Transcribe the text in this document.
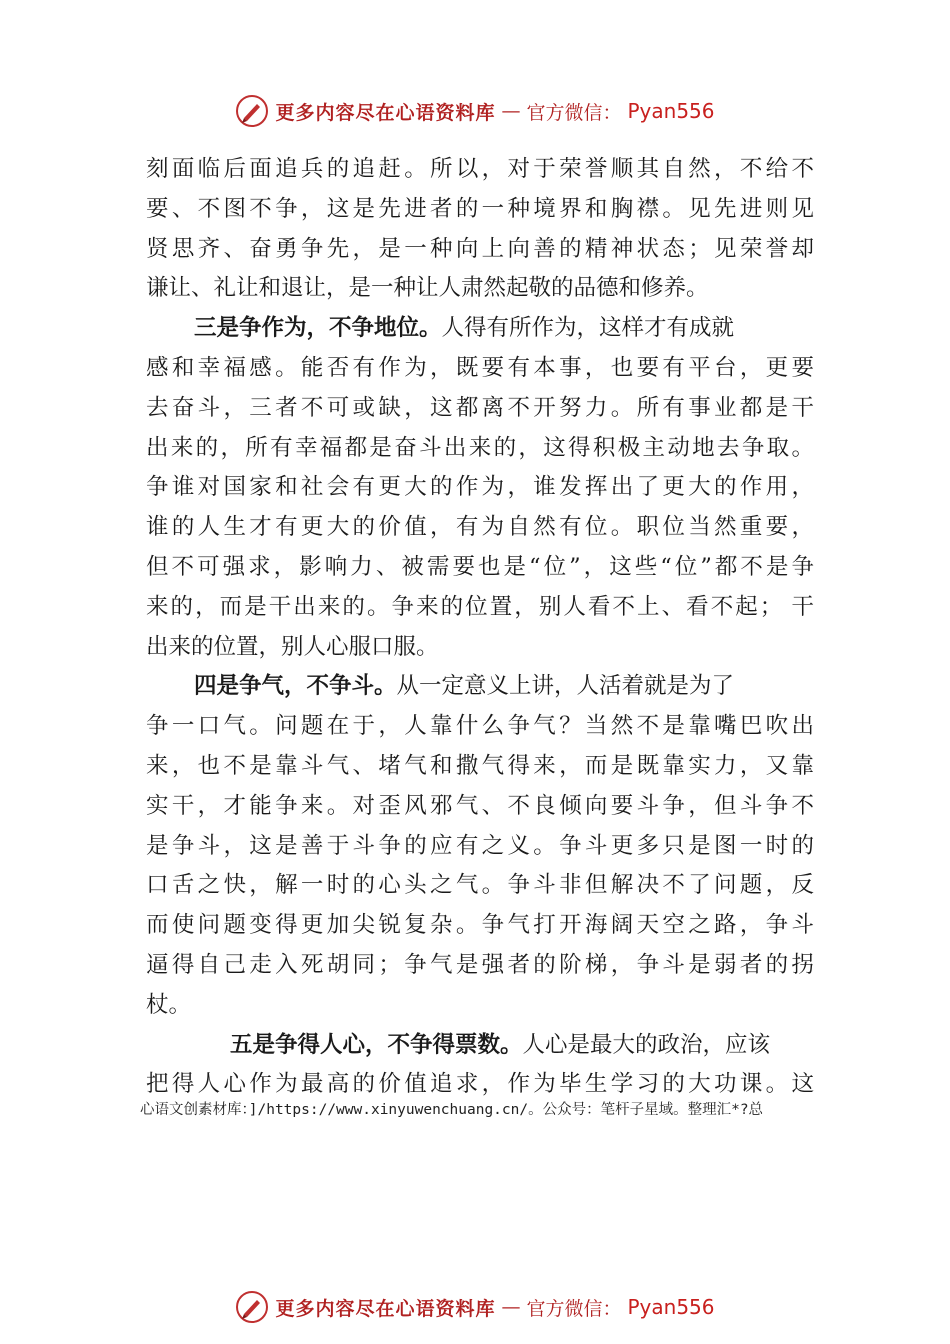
更多内容尽在心语资料库 — 官方微信： Pyan556
刻面临后面追兵的追赶。所以，对于荣誉顺其自然，不给不
要、不图不争，这是先进者的一种境界和胸襟。见先进则见
贤思齐、奋勇争先，是一种向上向善的精神状态；见荣誉却
谦让、礼让和退让，是一种让人肃然起敬的品德和修养。
三是争作为，不争地位。人得有所作为，这样才有成就
感和幸福感。能否有作为，既要有本事，也要有平台，更要
去奋斗，三者不可或缺，这都离不开努力。所有事业都是干
出来的，所有幸福都是奋斗出来的，这得积极主动地去争取。
争谁对国家和社会有更大的作为，谁发挥出了更大的作用，
谁的人生才有更大的价值，有为自然有位。职位当然重要，
但不可强求，影响力、被需要也是“位”，这些“位”都不是争
来的，而是干出来的。争来的位置，别人看不上、看不起； 干
出来的位置，别人心服口服。
四是争气，不争斗。从一定意义上讲，人活着就是为了
争一口气。问题在于，人靠什么争气？当然不是靠嘴巴吹出
来，也不是靠斗气、堵气和撒气得来，而是既靠实力，又靠
实干，才能争来。对歪风邪气、不良倾向要斗争，但斗争不
是争斗，这是善于斗争的应有之义。争斗更多只是图一时的
口舌之快，解一时的心头之气。争斗非但解决不了问题，反
而使问题变得更加尖锐复杂。争气打开海阔天空之路，争斗
逼得自己走入死胡同；争气是强者的阶梯，争斗是弱者的拐
杖。
五是争得人心，不争得票数。人心是最大的政治，应该
把得人心作为最高的价值追求，作为毕生学习的大功课。这
心语文创素材库：]/https://www.xinyuwenchuang.cn/。公众号：笔杆子星域。整理汇*?总
更多内容尽在心语资料库 — 官方微信： Pyan556
